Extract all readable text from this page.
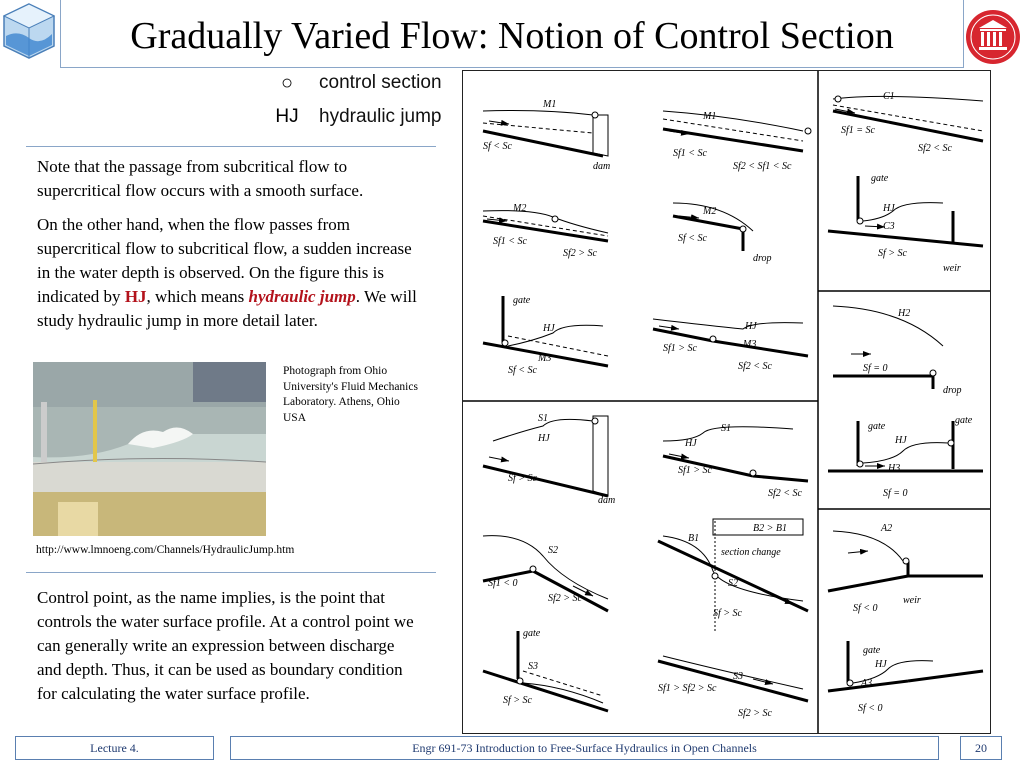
Gradually Varied Flow: Notion of Control Section
○	control section
HJ	hydraulic jump

Note that the passage from subcritical flow to supercritical flow occurs with a smooth surface.

On the other hand, when the flow passes from supercritical flow to subcritical flow, a sudden increase in the water depth is observed. On the figure this is indicated by HJ, which means hydraulic jump. We will study hydraulic jump in more detail later.

Photograph from Ohio University's Fluid Mechanics Laboratory. Athens, Ohio USA
http://www.lmnoeng.com/Channels/HydraulicJump.htm
Control point, as the name implies, is the point that controls the water surface profile. At a control point we can generally write an expression between discharge and depth. Thus, it can be used as boundary condition for calculating the water surface profile.
M1
Sf < Sc
dam
M1
Sf1 < Sc
Sf2 < Sf1 < Sc
C1
Sf1 = Sc
Sf2 < Sc
M2
Sf1 < Sc
Sf2 > Sc
M2
Sf < Sc
drop
gate
HJ
C3
Sf > Sc
weir
gate
HJ
M3
Sf < Sc
HJ
M3
Sf1 > Sc
Sf2 < Sc
H2
Sf = 0
drop
S1
HJ
Sf > Sc
dam
HJ
S1
Sf1 > Sc
Sf2 < Sc
gate
gate
HJ
H3
Sf = 0
S2
Sf1 < 0
Sf2 > Sc
B1
B2 > B1
section change
S2
Sf > Sc
A2
Sf < 0
weir
gate
S3
Sf > Sc
S3
Sf1 > Sf2 > Sc
Sf2 > Sc
gate
HJ
A3
Sf < 0
Lecture 4.	Engr 691-73 Introduction to Free-Surface Hydraulics in Open Channels	20
